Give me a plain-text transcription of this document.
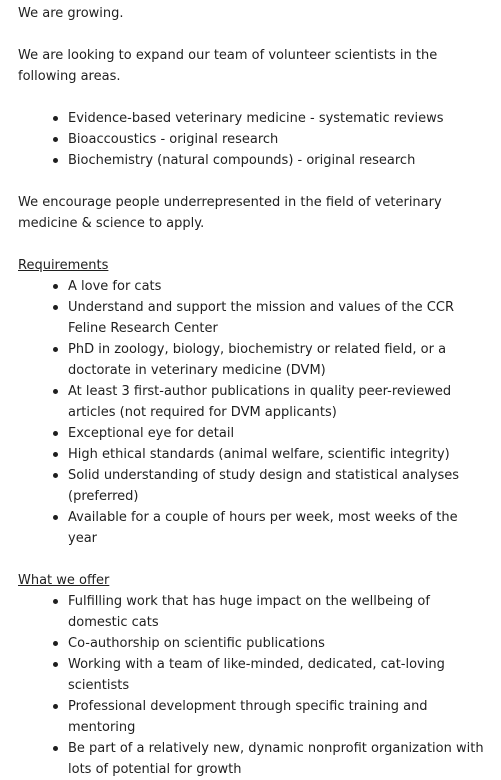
We are growing.

We are looking to expand our team of volunteer scientists in the following areas.

Evidence-based veterinary medicine - systematic reviews
Bioaccoustics - original research
Biochemistry (natural compounds) - original research

We encourage people underrepresented in the field of veterinary medicine & science to apply.

Requirements

A love for cats
Understand and support the mission and values of the CCR Feline Research Center
PhD in zoology, biology, biochemistry or related field, or a doctorate in veterinary medicine (DVM)
At least 3 first-author publications in quality peer-reviewed articles (not required for DVM applicants)
Exceptional eye for detail
High ethical standards (animal welfare, scientific integrity)
Solid understanding of study design and statistical analyses (preferred)
Available for a couple of hours per week, most weeks of the year

What we offer

Fulfilling work that has huge impact on the wellbeing of domestic cats
Co-authorship on scientific publications
Working with a team of like-minded, dedicated, cat-loving scientists
Professional development through specific training and mentoring
Be part of a relatively new, dynamic nonprofit organization with lots of potential for growth
